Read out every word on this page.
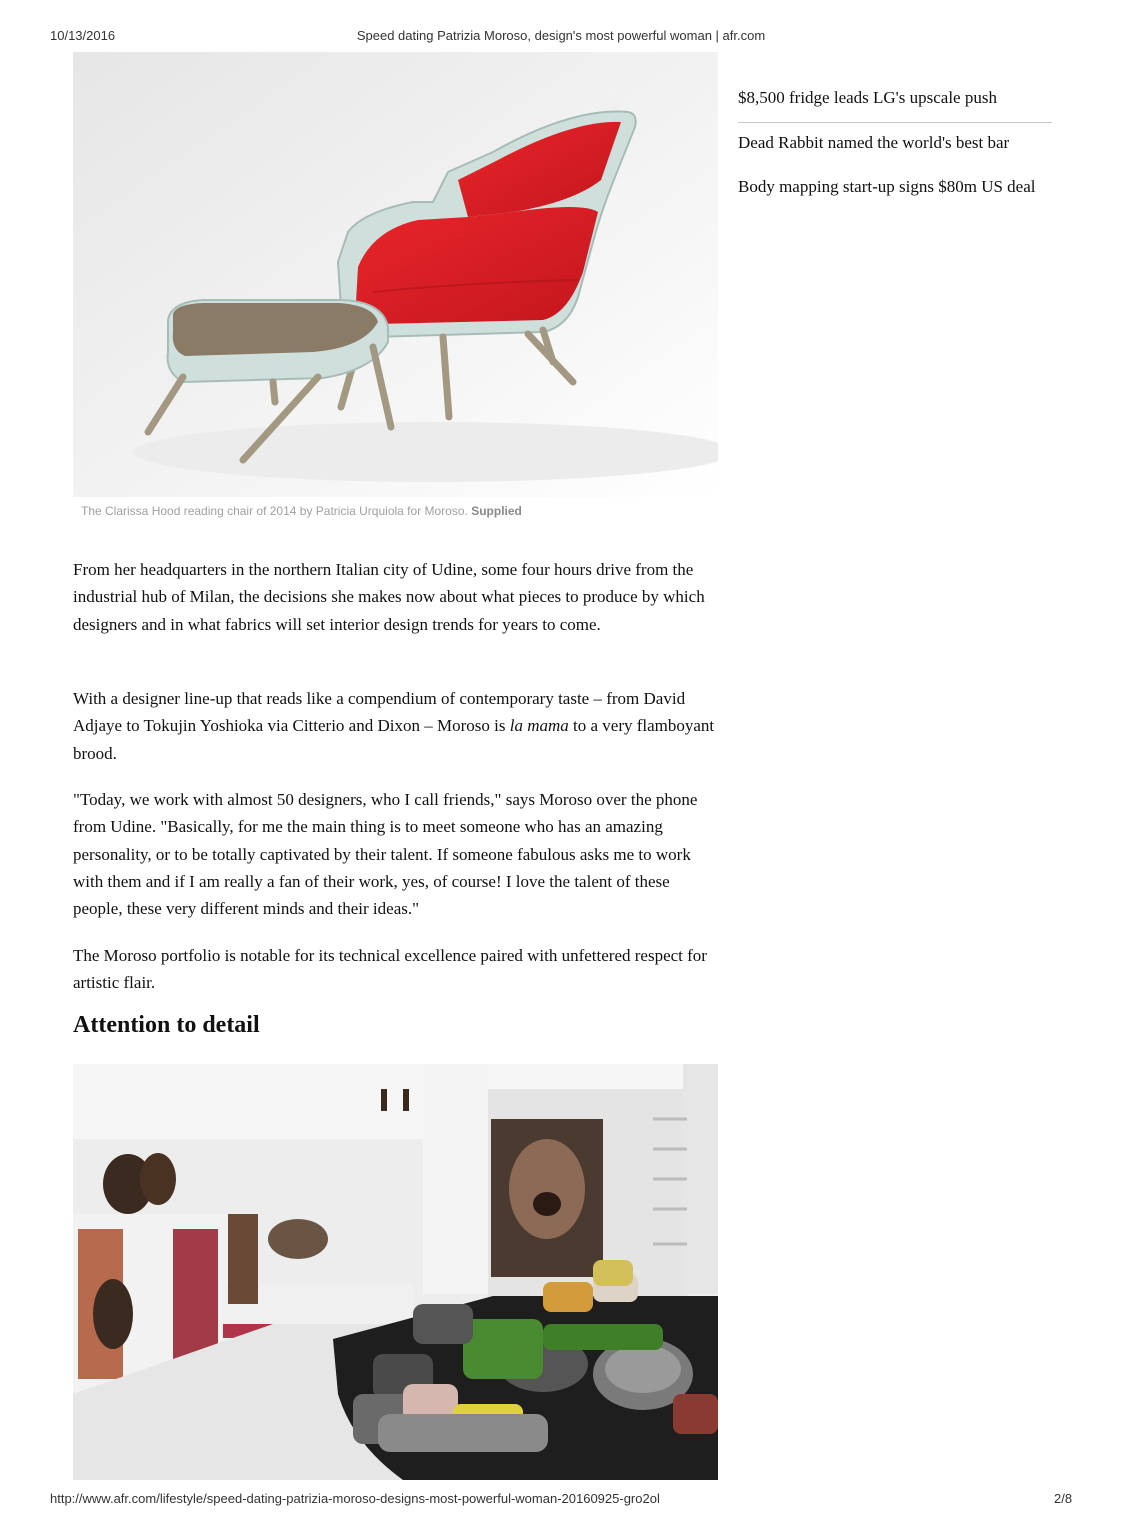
10/13/2016	Speed dating Patrizia Moroso, design's most powerful woman | afr.com
The Clarissa Hood reading chair of 2014 by Patricia Urquiola for Moroso. Supplied

From her headquarters in the northern Italian city of Udine, some four hours drive from the industrial hub of Milan, the decisions she makes now about what pieces to produce by which designers and in what fabrics will set interior design trends for years to come.

With a designer line-up that reads like a compendium of contemporary taste – from David Adjaye to Tokujin Yoshioka via Citterio and Dixon – Moroso is la mama to a very flamboyant brood.

"Today, we work with almost 50 designers, who I call friends," says Moroso over the phone from Udine. "Basically, for me the main thing is to meet someone who has an amazing personality, or to be totally captivated by their talent. If someone fabulous asks me to work with them and if I am really a fan of their work, yes, of course! I love the talent of these people, these very different minds and their ideas."

The Moroso portfolio is notable for its technical excellence paired with unfettered respect for artistic flair.

Attention to detail
$8,500 fridge leads LG's upscale push
Dead Rabbit named the world's best bar
Body mapping start-up signs $80m US deal
http://www.afr.com/lifestyle/speed-dating-patrizia-moroso-designs-most-powerful-woman-20160925-gro2ol	2/8
